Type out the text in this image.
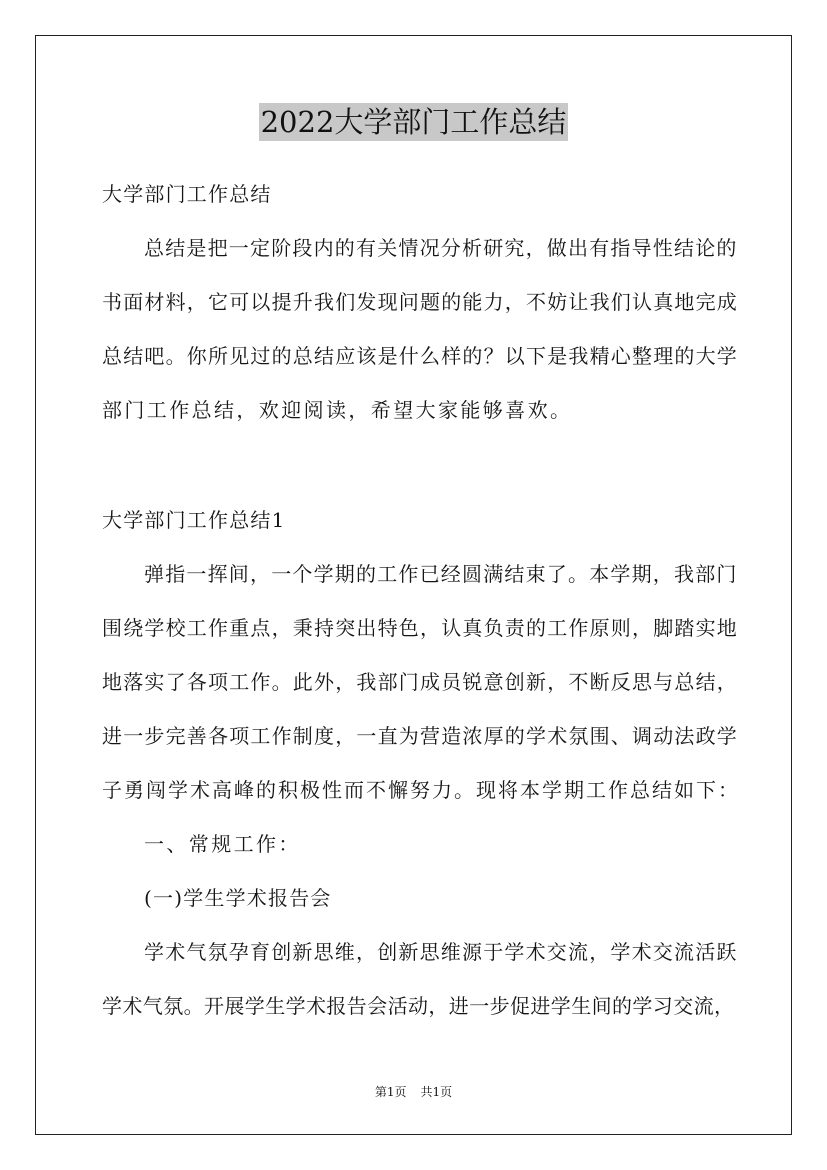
2022大学部门工作总结
大学部门工作总结
总结是把一定阶段内的有关情况分析研究，做出有指导性结论的
书面材料，它可以提升我们发现问题的能力，不妨让我们认真地完成
总结吧。你所见过的总结应该是什么样的？以下是我精心整理的大学
部门工作总结，欢迎阅读，希望大家能够喜欢。
大学部门工作总结1
弹指一挥间，一个学期的工作已经圆满结束了。本学期，我部门
围绕学校工作重点，秉持突出特色，认真负责的工作原则，脚踏实地
地落实了各项工作。此外，我部门成员锐意创新，不断反思与总结，
进一步完善各项工作制度，一直为营造浓厚的学术氛围、调动法政学
子勇闯学术高峰的积极性而不懈努力。现将本学期工作总结如下：
一、常规工作：
(一)学生学术报告会
学术气氛孕育创新思维，创新思维源于学术交流，学术交流活跃
学术气氛。开展学生学术报告会活动，进一步促进学生间的学习交流，
第1页 共1页
